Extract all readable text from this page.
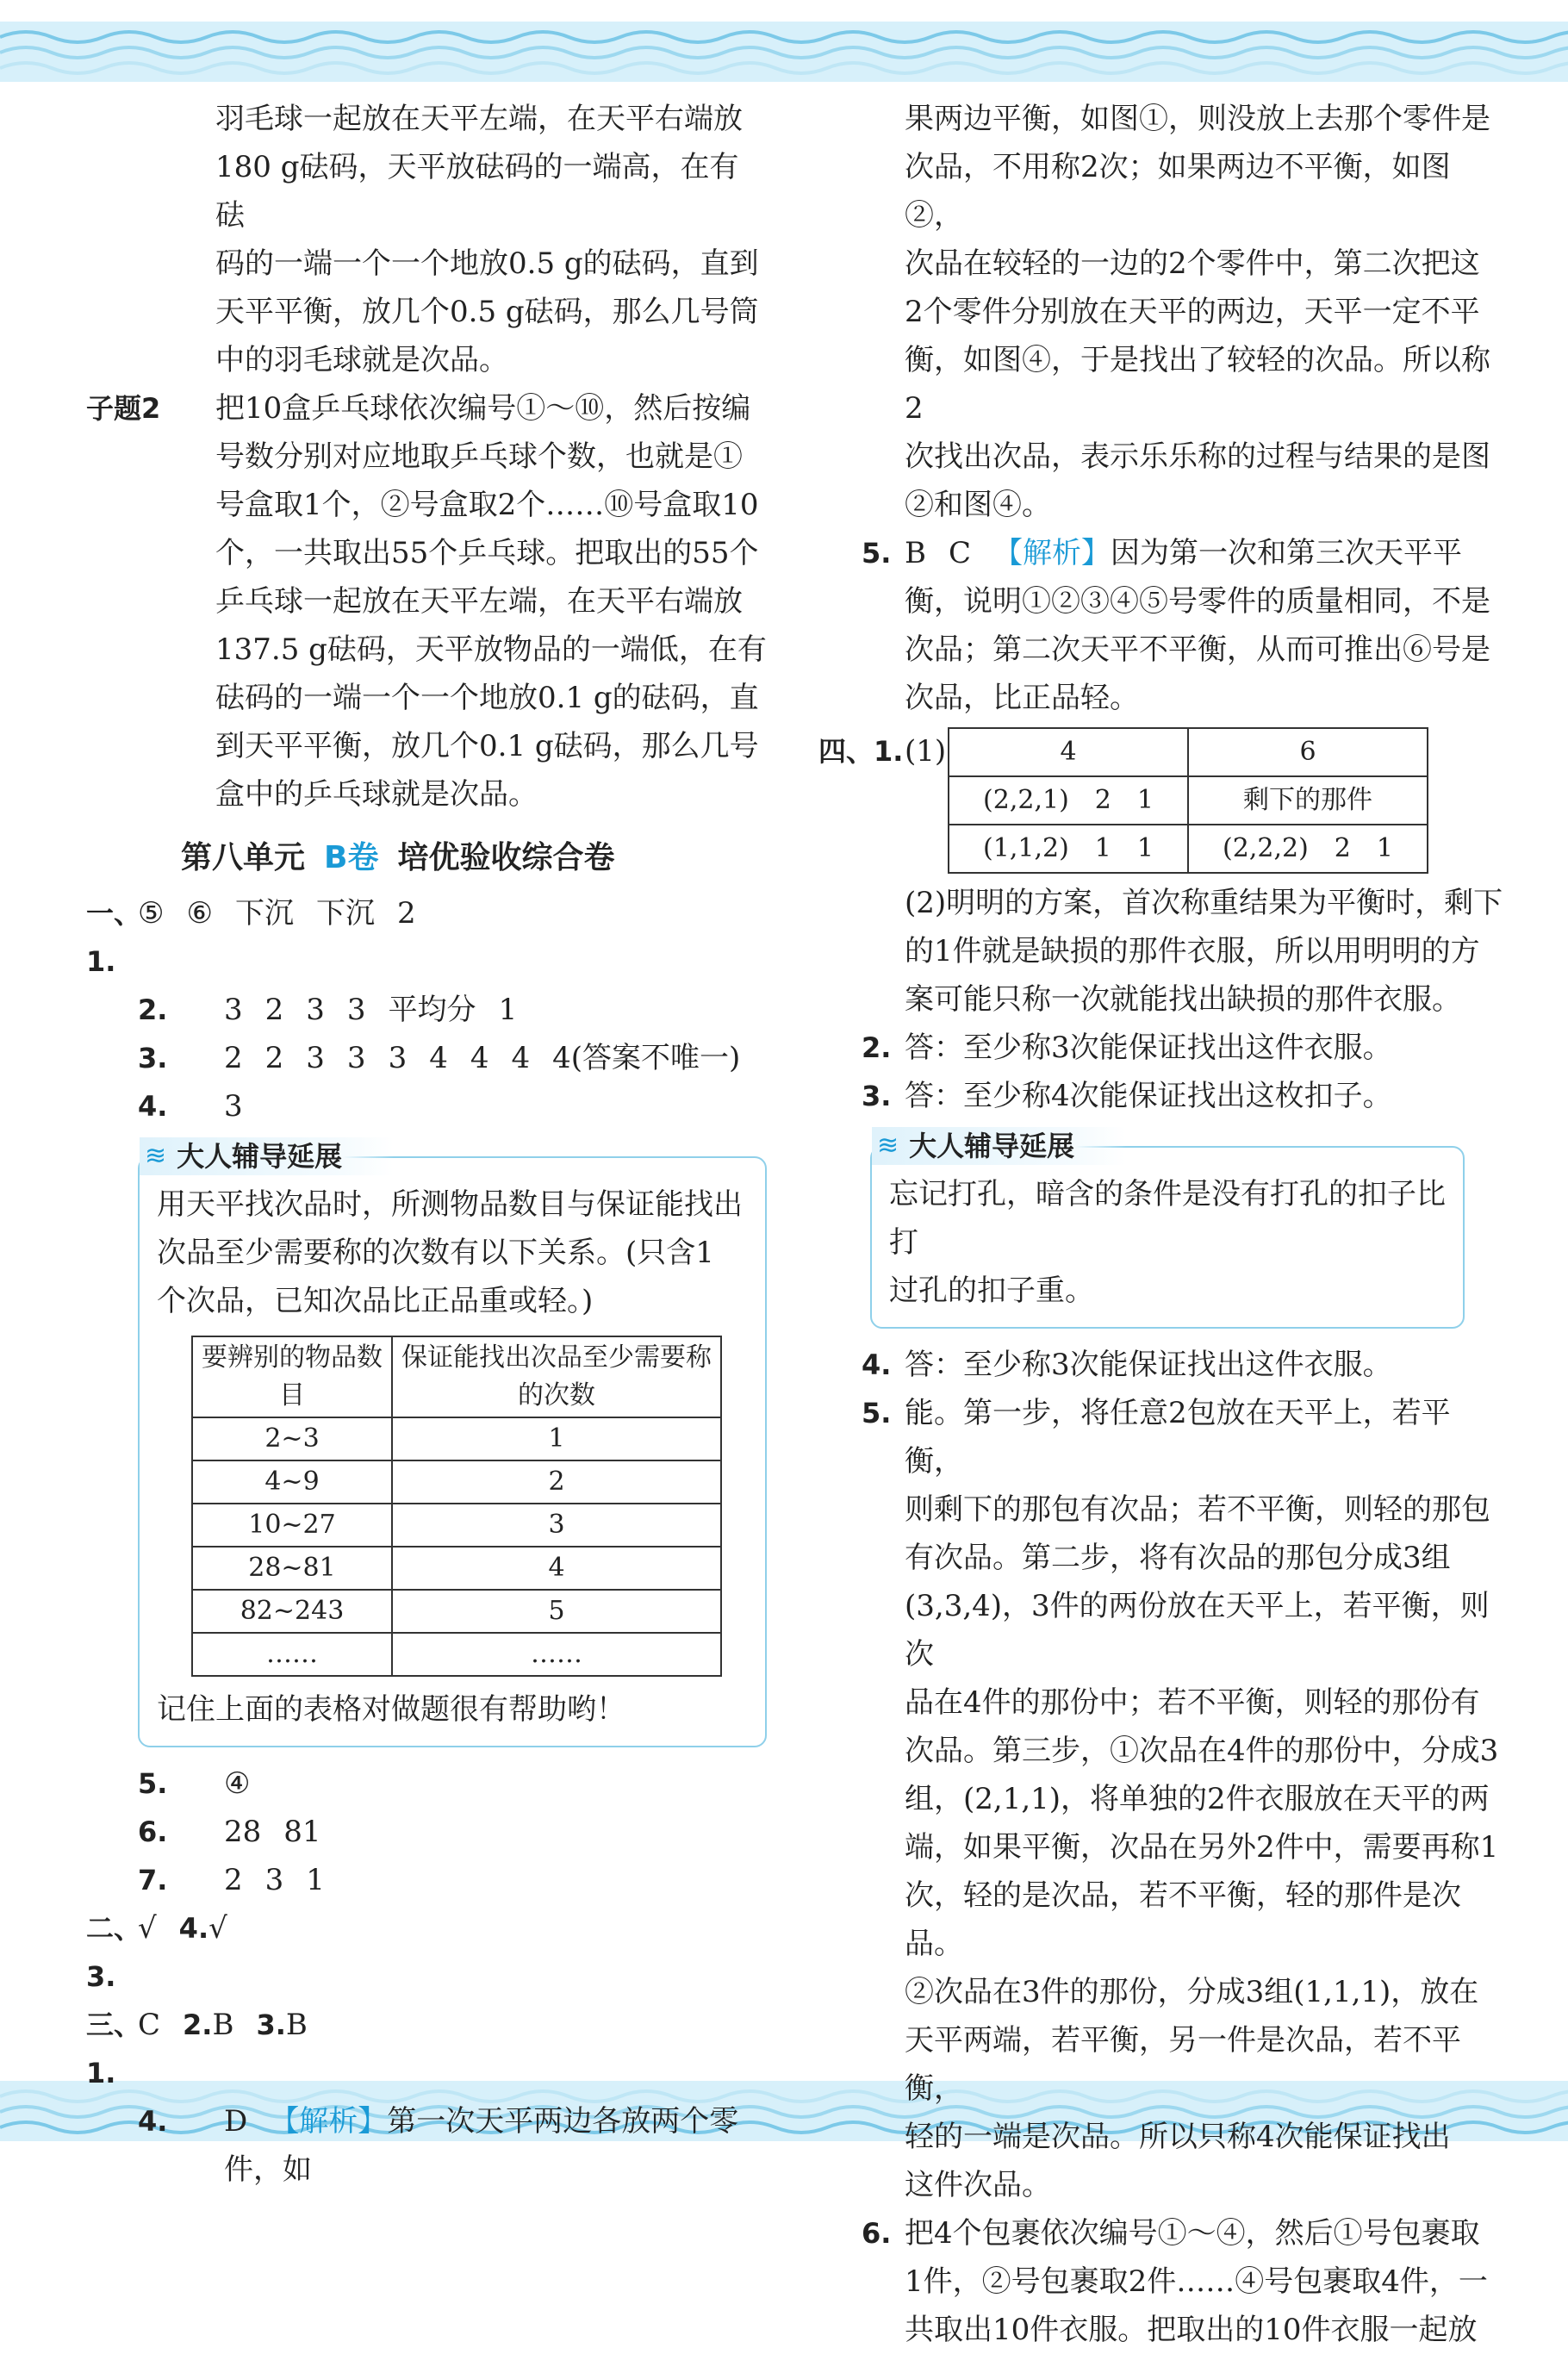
羽毛球一起放在天平左端，在天平右端放

180 g砝码，天平放砝码的一端高，在有砝

码的一端一个一个地放0.5 g的砝码，直到

天平平衡，放几个0.5 g砝码，那么几号筒

中的羽毛球就是次品。

子题2	把10盒乒乓球依次编号①～⑩，然后按编

号数分别对应地取乒乓球个数，也就是①

号盒取1个，②号盒取2个……⑩号盒取10

个，一共取出55个乒乓球。把取出的55个

乒乓球一起放在天平左端，在天平右端放

137.5 g砝码，天平放物品的一端低，在有

砝码的一端一个一个地放0.1 g的砝码，直

到天平平衡，放几个0.1 g砝码，那么几号

盒中的乒乓球就是次品。

第八单元 B卷 培优验收综合卷
一、1.
⑤ ⑥ 下沉 下沉 2
2.	3 2 3 3 平均分 1
3.	2 2 3 3 3 4 4 4 4(答案不唯一)
4.	3
≋ 大人辅导延展

用天平找次品时，所测物品数目与保证能找出

次品至少需要称的次数有以下关系。(只含1

个次品，已知次品比正品重或轻。)

要辨别的物品数目	保证能找出次品至少需要称的次数
2~3	1
4~9	2
10~27	3
28~81	4
82~243	5
……	……

记住上面的表格对做题很有帮助哟！

5.	④
6.	28 81
7.	2 3 1
二、3.
√ 4.√
三、1.
C 2.B 3.B
4.	D 【解析】第一次天平两边各放两个零件，如

果两边平衡，如图①，则没放上去那个零件是

次品，不用称2次；如果两边不平衡，如图②，

次品在较轻的一边的2个零件中，第二次把这

2个零件分别放在天平的两边，天平一定不平

衡，如图④，于是找出了较轻的次品。所以称2

次找出次品，表示乐乐称的过程与结果的是图

②和图④。

5. B C 【解析】因为第一次和第三次天平平

衡，说明①②③④⑤号零件的质量相同，不是

次品；第二次天平不平衡，从而可推出⑥号是

次品，比正品轻。

四、1. (1)	4	6
(2,2,1)　2　1	剩下的那件
(1,1,2)　1　1	(2,2,2)　2　1

(2)明明的方案，首次称重结果为平衡时，剩下

的1件就是缺损的那件衣服，所以用明明的方

案可能只称一次就能找出缺损的那件衣服。

2. 答：至少称3次能保证找出这件衣服。
3. 答：至少称4次能保证找出这枚扣子。
≋ 大人辅导延展

忘记打孔，暗含的条件是没有打孔的扣子比打

过孔的扣子重。

4. 答：至少称3次能保证找出这件衣服。
5. 能。第一步，将任意2包放在天平上，若平衡，

则剩下的那包有次品；若不平衡，则轻的那包

有次品。第二步，将有次品的那包分成3组

(3,3,4)，3件的两份放在天平上，若平衡，则次

品在4件的那份中；若不平衡，则轻的那份有

次品。第三步，①次品在4件的那份中，分成3

组，(2,1,1)，将单独的2件衣服放在天平的两

端，如果平衡，次品在另外2件中，需要再称1

次，轻的是次品，若不平衡，轻的那件是次品。

②次品在3件的那份，分成3组(1,1,1)，放在

天平两端，若平衡，另一件是次品，若不平衡，

轻的一端是次品。所以只称4次能保证找出

这件次品。

6. 把4个包裹依次编号①～④，然后①号包裹取

1件，②号包裹取2件……④号包裹取4件，一

共取出10件衣服。把取出的10件衣服一起放
